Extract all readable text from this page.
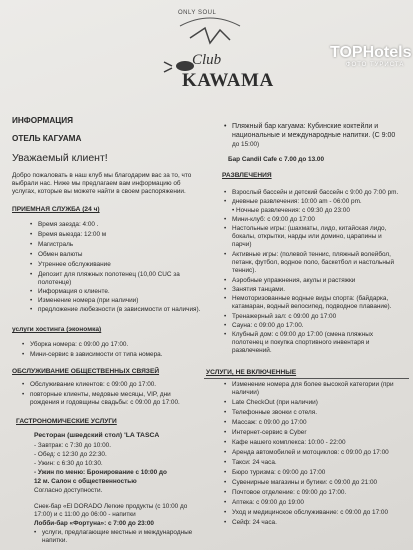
ONLY SOUL
Club
KAWAMA
TOPHotels
ФОТО ТУРИСТА
ИНФОРМАЦИЯ
ОТЕЛЬ КАГУАМА
Уважаемый клиент!
Добро пожаловать в наш клуб мы благодарим вас за то, что
выбрали нас. Ниже мы предлагаем вам информацию об
услугах, которые вы можете найти в своем распоряжении.
ПРИЕМНАЯ СЛУЖБА (24 ч)
• Время заезда: 4:00 .
• Время выезда: 12:00 м
• Магистраль
• Обмен валюты
• Утреннее обслуживание
• Депозит для пляжных полотенец (10,00 CUC за
полотенце)
• Информация о клиенте.
• Изменение номера (при наличии)
• предложение любезности (в зависимости от наличия).
услуги хостинга (экономка)
• Уборка номера: с 09:00 до 17:00.
• Мини-сервис в зависимости от типа номера.
ОБСЛУЖИВАНИЕ ОБЩЕСТВЕННЫХ СВЯЗЕЙ
• Обслуживание клиентов: с 09:00 до 17:00.
• повторные клиенты, медовые месяцы, VIP, дни
рождения и годовщины свадьбы: с 09:00 до 17:00.
ГАСТРОНОМИЧЕСКИЕ УСЛУГИ
Ресторан (шведский стол) 'LA TASCA
- Завтрак: с 7:30 до 10:00.
- Обед: с 12:30 до 22:30.
- Ужин: с 6:30 до 10:30.
- Ужин по меню: Бронирование с 10:00 до
12 м. Салон с общественностью
Согласно доступности.
Снек-бар «El DORADO Легкие продукты (с 10:00 до
17:00) и с 11:00 до 06:00 - напитки
Лобби-бар «Фортуна»: с 7:00 до 23:00
• услуги, предлагающие местные и международные
напитки.
• Пляжный бар кагуама: Кубинские коктейли и
национальные и международные напитки. (С 9:00
до 15:00)
Бар Candil Cafe с 7.00 до 13.00
РАЗВЛЕЧЕНИЯ
• Взрослый бассейн и детский бассейн с 9:00 до 7:00 pm.
• дневные развлечения: 10:00 am - 06:00 pm.
• Ночные развлечения: с 09:30 до 23:00
• Мини-клуб: с 09:00 до 17:00
• Настольные игры: (шахматы, лидо, китайская лидо,
бокалы, открытки, нарды или домино, царапины и
парчи)
• Активные игры: (полевой теннис, пляжный волейбол,
петанк, футбол, водное поло, баскетбол и настольный
теннис).
• Аэробные упражнения, акулы и растяжки
• Занятия танцами.
• Немоторизованные водные виды спорта: (байдарка,
катамаран, водный велосипед, подводное плавание).
• Тренажерный зал: с 09:00 до 17:00
• Сауна: с 09:00 до 17:00.
• Клубный дом: с 09:00 до 17:00 (смена пляжных
полотенец и покупка спортивного инвентаря и
развлечений.
УСЛУГИ, НЕ ВКЛЮЧЕННЫЕ
• Изменение номера для более высокой категории (при
наличии)
• Late CheckOut (при наличии)
• Телефонные звонки с отеля.
• Массаж: с 09:00 до 17:00
• Интернет-сервис в Cyber
• Кафе нашего комплекса: 10:00 - 22:00
• Аренда автомобилей и мотоциклов: с 09:00 до 17:00
• Такси: 24 часа.
• Бюро туризма: с 09:00 до 17:00
• Сувенирные магазины и бутики: с 09:00 до 21:00
• Почтовое отделение: с 09:00 до 17:00.
• Аптека: с 09:00 до 19:00
• Уход и медицинское обслуживание: с 09:00 до 17:00
• Сейф: 24 часа.
